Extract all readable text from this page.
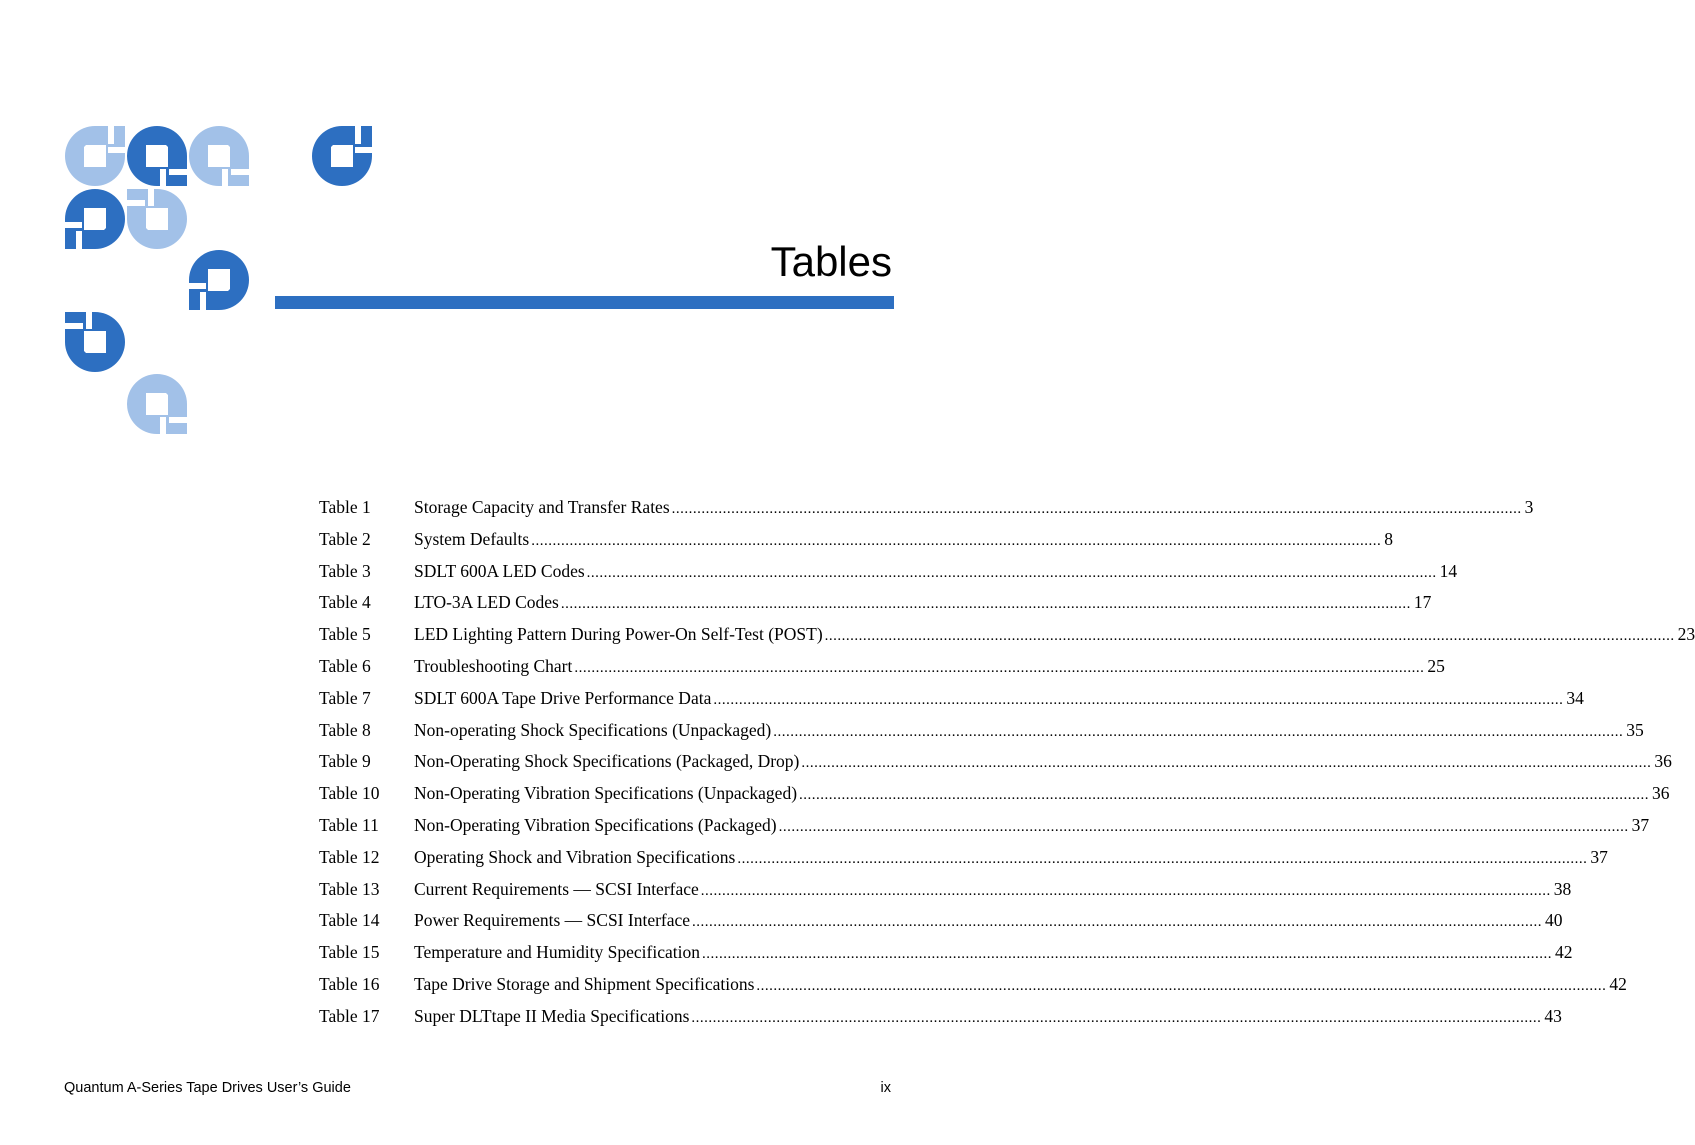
Tables
Table 1	Storage Capacity and Transfer Rates ........................................................................................................................................................................................................ 3
Table 2	System Defaults ........................................................................................................................................................................................................ 8
Table 3	SDLT 600A LED Codes ........................................................................................................................................................................................................ 14
Table 4	LTO-3A LED Codes ........................................................................................................................................................................................................ 17
Table 5	LED Lighting Pattern During Power-On Self-Test (POST) ........................................................................................................................................................................................................ 23
Table 6	Troubleshooting Chart ........................................................................................................................................................................................................ 25
Table 7	SDLT 600A Tape Drive Performance Data ........................................................................................................................................................................................................ 34
Table 8	Non-operating Shock Specifications (Unpackaged) ........................................................................................................................................................................................................ 35
Table 9	Non-Operating Shock Specifications (Packaged, Drop) ........................................................................................................................................................................................................ 36
Table 10	Non-Operating Vibration Specifications (Unpackaged) ........................................................................................................................................................................................................ 36
Table 11	Non-Operating Vibration Specifications (Packaged) ........................................................................................................................................................................................................ 37
Table 12	Operating Shock and Vibration Specifications ........................................................................................................................................................................................................ 37
Table 13	Current Requirements — SCSI Interface ........................................................................................................................................................................................................ 38
Table 14	Power Requirements — SCSI Interface ........................................................................................................................................................................................................ 40
Table 15	Temperature and Humidity Specification ........................................................................................................................................................................................................ 42
Table 16	Tape Drive Storage and Shipment Specifications ........................................................................................................................................................................................................ 42
Table 17	Super DLTtape II Media Specifications ........................................................................................................................................................................................................ 43
Quantum A-Series Tape Drives User’s Guide	ix
